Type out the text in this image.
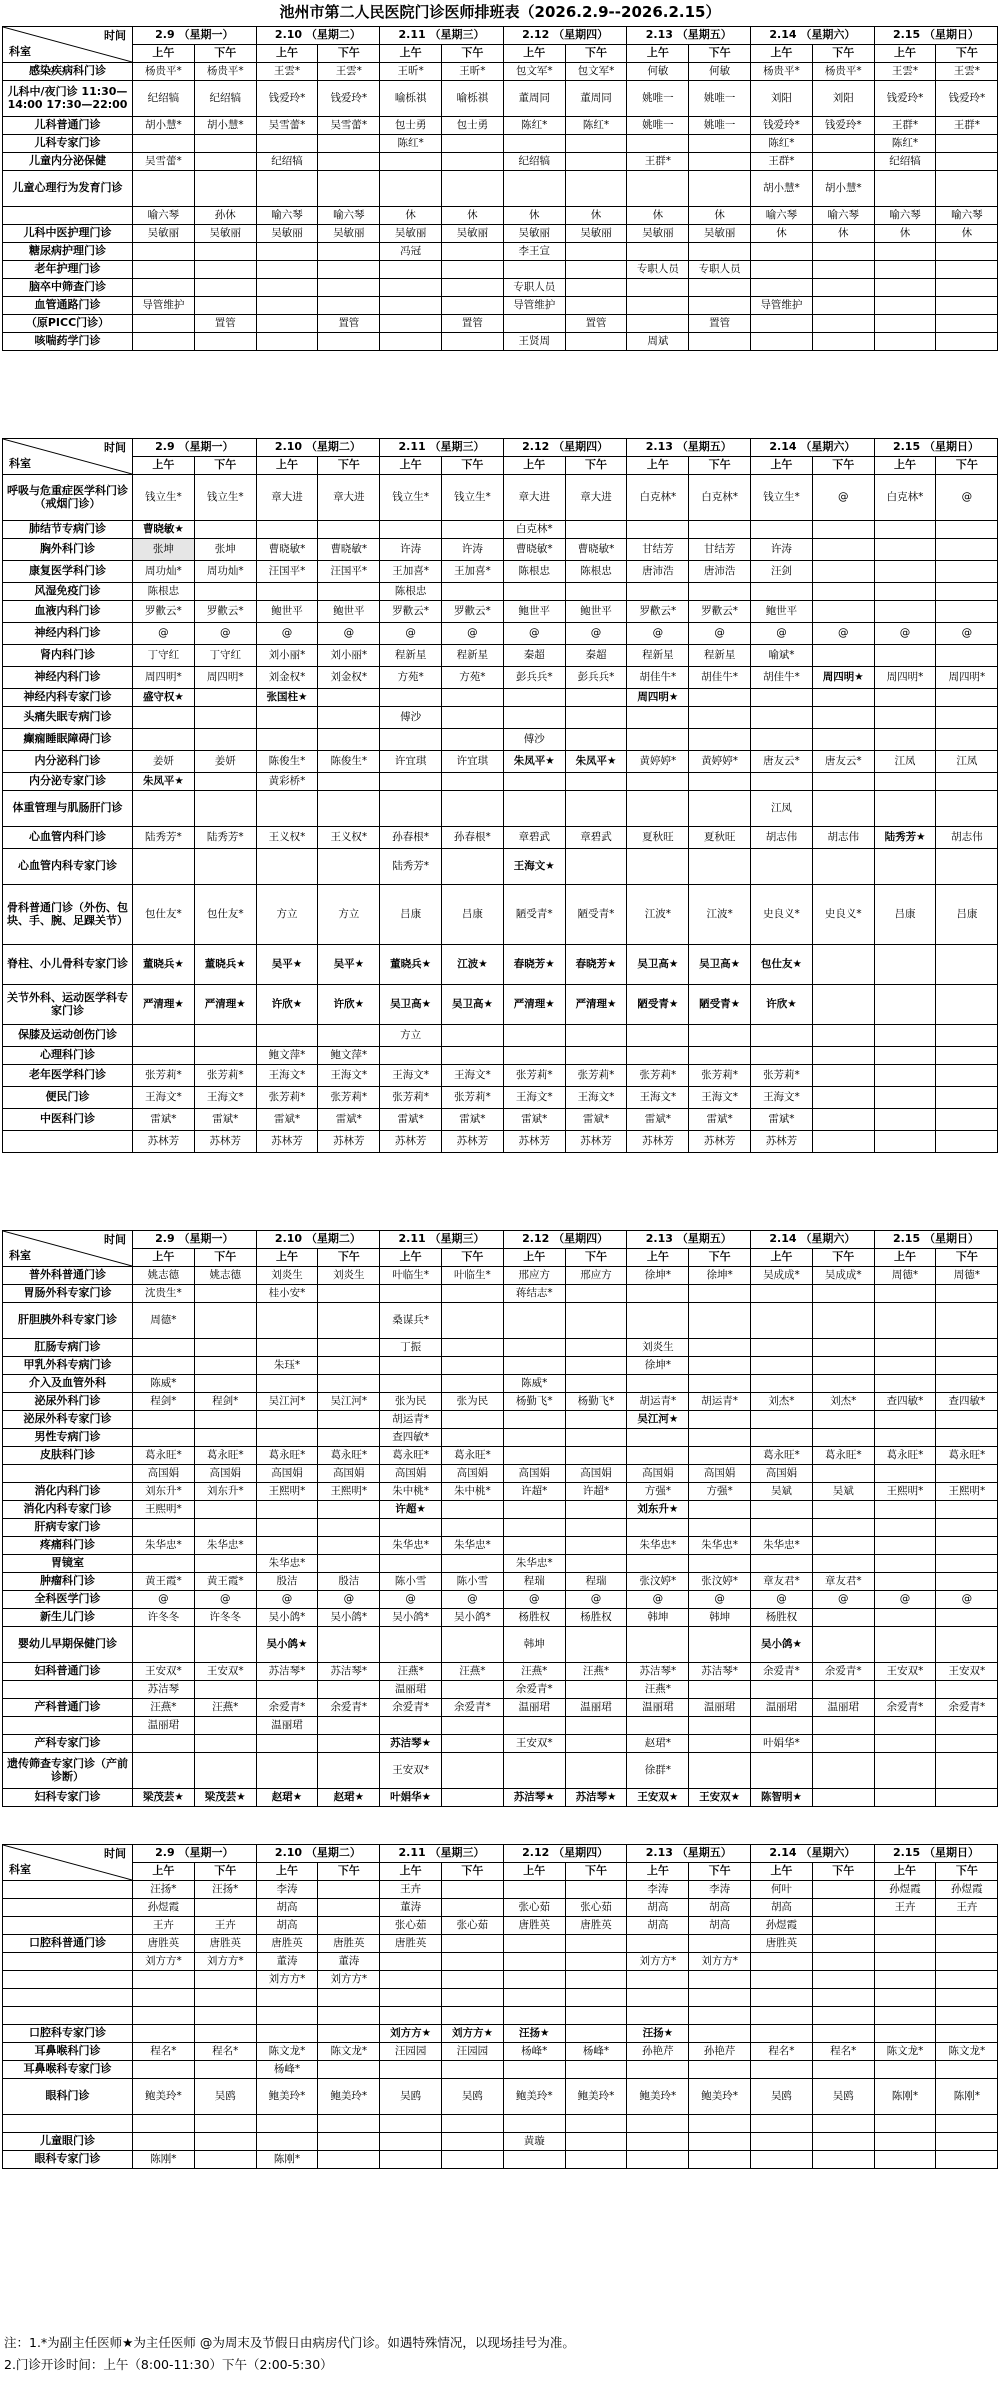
池州市第二人民医院门诊医师排班表（2026.2.9--2026.2.15）
科室
时间	2.9 （星期一）		2.10 （星期二）		2.11 （星期三）		2.12 （星期四）		2.13 （星期五）		2.14 （星期六）		2.15 （星期日）	
	上午	下午	上午	下午	上午	下午	上午	下午	上午	下午	上午	下午	上午	下午
感染疾病科门诊	杨贵平*	杨贵平*	王雲*	王雲*	王昕*	王昕*	包文军*	包文军*	何敏	何敏	杨贵平*	杨贵平*	王雲*	王雲*
儿科中/夜门诊 11:30—14:00 17:30—22:00	纪绍犒	纪绍犒	钱爱玲*	钱爱玲*	喻栎祺	喻栎祺	董周同	董周同	姚唯一	姚唯一	刘阳	刘阳	钱爱玲*	钱爱玲*
儿科普通门诊	胡小慧*	胡小慧*	吴雪蕾*	吴雪蕾*	包士勇	包士勇	陈红*	陈红*	姚唯一	姚唯一	钱爱玲*	钱爱玲*	王群*	王群*
儿科专家门诊					陈红*						陈红*		陈红*	
儿童内分泌保健	吴雪蕾*		纪绍犒				纪绍犒		王群*		王群*		纪绍犒	
儿童心理行为发育门诊											胡小慧*	胡小慧*		
	喻六琴	孙休	喻六琴	喻六琴	休	休	休	休	休	休	喻六琴	喻六琴	喻六琴	喻六琴
儿科中医护理门诊	吴敏丽	吴敏丽	吴敏丽	吴敏丽	吴敏丽	吴敏丽	吴敏丽	吴敏丽	吴敏丽	吴敏丽	休	休	休	休
糖尿病护理门诊					冯冠		李王宣							
老年护理门诊									专职人员	专职人员				
脑卒中筛查门诊							专职人员							
血管通路门诊	导管维护						导管维护				导管维护			
（原PICC门诊）		置管		置管		置管		置管		置管				
咳喘药学门诊							王贤周		周斌					
科室
时间	2.9 （星期一）		2.10 （星期二）		2.11 （星期三）		2.12 （星期四）		2.13 （星期五）		2.14 （星期六）		2.15 （星期日）	
	上午	下午	上午	下午	上午	下午	上午	下午	上午	下午	上午	下午	上午	下午
呼吸与危重症医学科门诊（戒烟门诊）	钱立生*	钱立生*	章大进	章大进	钱立生*	钱立生*	章大进	章大进	白克林*	白克林*	钱立生*	@	白克林*	@
肺结节专病门诊	曹晓敏★						白克林*							
胸外科门诊	张坤	张坤	曹晓敏*	曹晓敏*	许涛	许涛	曹晓敏*	曹晓敏*	甘结芳	甘结芳	许涛			
康复医学科门诊	周功灿*	周功灿*	汪国平*	汪国平*	王加喜*	王加喜*	陈根忠	陈根忠	唐沛浩	唐沛浩	汪剑			
风湿免疫门诊	陈根忠				陈根忠									
血液内科门诊	罗歡云*	罗歡云*	鲍世平	鲍世平	罗歡云*	罗歡云*	鲍世平	鲍世平	罗歡云*	罗歡云*	鲍世平			
神经内科门诊	@	@	@	@	@	@	@	@	@	@	@	@	@	@
肾内科门诊	丁守红	丁守红	刘小丽*	刘小丽*	程新星	程新星	秦超	秦超	程新星	程新星	喻斌*			
神经内科门诊	周四明*	周四明*	刘金权*	刘金权*	方苑*	方苑*	彭兵兵*	彭兵兵*	胡佳牛*	胡佳牛*	胡佳牛*	周四明★	周四明*	周四明*
神经内科专家门诊	盛守权★		张国柱★						周四明★					
头痛失眠专病门诊					傅沙									
癫痫睡眠障碍门诊							傅沙							
内分泌科门诊	姜妍	姜妍	陈俊生*	陈俊生*	许宜琪	许宜琪	朱凤平★	朱凤平★	黄婷婷*	黄婷婷*	唐友云*	唐友云*	江凤	江凤
内分泌专家门诊	朱凤平★		黄彩桥*											
体重管理与肌肠肝门诊											江凤			
心血管内科门诊	陆秀芳*	陆秀芳*	王义权*	王义权*	孙春根*	孙春根*	章碧武	章碧武	夏秋旺	夏秋旺	胡志伟	胡志伟	陆秀芳★	胡志伟
心血管内科专家门诊					陆秀芳*		王海文★							
骨科普通门诊（外伤、包块、手、腕、足踝关节）	包仕友*	包仕友*	方立	方立	吕康	吕康	陋受青*	陋受青*	江波*	江波*	史良义*	史良义*	吕康	吕康
脊柱、小儿骨科专家门诊	董晓兵★	董晓兵★	吴平★	吴平★	董晓兵★	江波★	春晓芳★	春晓芳★	吴卫高★	吴卫高★	包仕友★			
关节外科、运动医学科专家门诊	严清理★	严清理★	许欣★	许欣★	吴卫高★	吴卫高★	严清理★	严清理★	陋受青★	陋受青★	许欣★			
保膝及运动创伤门诊					方立									
心理科门诊			鲍文萍*	鲍文萍*										
老年医学科门诊	张芳莉*	张芳莉*	王海文*	王海文*	王海文*	王海文*	张芳莉*	张芳莉*	张芳莉*	张芳莉*	张芳莉*			
便民门诊	王海文*	王海文*	张芳莉*	张芳莉*	张芳莉*	张芳莉*	王海文*	王海文*	王海文*	王海文*	王海文*			
中医科门诊	雷斌*	雷斌*	雷斌*	雷斌*	雷斌*	雷斌*	雷斌*	雷斌*	雷斌*	雷斌*	雷斌*			
	苏林芳	苏林芳	苏林芳	苏林芳	苏林芳	苏林芳	苏林芳	苏林芳	苏林芳	苏林芳	苏林芳			
科室
时间	2.9 （星期一）		2.10 （星期二）		2.11 （星期三）		2.12 （星期四）		2.13 （星期五）		2.14 （星期六）		2.15 （星期日）	
	上午	下午	上午	下午	上午	下午	上午	下午	上午	下午	上午	下午	上午	下午
普外科普通门诊	姚志德	姚志德	刘炎生	刘炎生	叶临生*	叶临生*	邢应方	邢应方	徐坤*	徐坤*	吴成成*	吴成成*	周德*	周德*
胃肠外科专家门诊	沈贵生*		桂小安*				蒋结志*							
肝胆胰外科专家门诊	周德*				桑谋兵*									
肛肠专病门诊					丁振				刘炎生					
甲乳外科专病门诊			朱珏*						徐坤*					
介入及血管外科	陈威*						陈威*							
泌尿外科门诊	程剑*	程剑*	吴江河*	吴江河*	张为民	张为民	杨勤飞*	杨勤飞*	胡运青*	胡运青*	刘杰*	刘杰*	查四敏*	查四敏*
泌尿外科专家门诊					胡运青*				吴江河★					
男性专病门诊					查四敏*									
皮肤科门诊	葛永旺*	葛永旺*	葛永旺*	葛永旺*	葛永旺*	葛永旺*					葛永旺*	葛永旺*	葛永旺*	葛永旺*
	高国娟	高国娟	高国娟	高国娟	高国娟	高国娟	高国娟	高国娟	高国娟	高国娟	高国娟			
消化内科门诊	刘东升*	刘东升*	王熙明*	王熙明*	朱中桃*	朱中桃*	许超*	许超*	方强*	方强*	吴斌	吴斌	王熙明*	王熙明*
消化内科专家门诊	王熙明*				许超★				刘东升★					
肝病专家门诊														
疼痛科门诊	朱华忠*	朱华忠*			朱华忠*	朱华忠*			朱华忠*	朱华忠*	朱华忠*			
胃镜室			朱华忠*				朱华忠*							
肿瘤科门诊	黄王霞*	黄王霞*	殷洁	殷洁	陈小雪	陈小雪	程瑞	程瑞	张汶婷*	张汶婷*	章友君*	章友君*		
全科医学门诊	@	@	@	@	@	@	@	@	@	@	@	@	@	@
新生儿门诊	许冬冬	许冬冬	吴小鸽*	吴小鸽*	吴小鸽*	吴小鸽*	杨胜权	杨胜权	韩坤	韩坤	杨胜权			
婴幼儿早期保健门诊			吴小鸽★				韩坤				吴小鸽★			
妇科普通门诊	王安双*	王安双*	苏洁琴*	苏洁琴*	汪燕*	汪燕*	汪燕*	汪燕*	苏洁琴*	苏洁琴*	余爱青*	余爱青*	王安双*	王安双*
	苏洁琴				温丽珺		余爱青*		汪燕*					
产科普通门诊	汪燕*	汪燕*	余爱青*	余爱青*	余爱青*	余爱青*	温丽珺	温丽珺	温丽珺	温丽珺	温丽珺	温丽珺	余爱青*	余爱青*
	温丽珺		温丽珺											
产科专家门诊					苏洁琴★		王安双*		赵珺*		叶娟华*			
遗传筛查专家门诊（产前诊断）					王安双*				徐群*					
妇科专家门诊	梁茂芸★	梁茂芸★	赵珺★	赵珺★	叶娟华★		苏洁琴★	苏洁琴★	王安双★	王安双★	陈智明★			
科室
时间	2.9 （星期一）		2.10 （星期二）		2.11 （星期三）		2.12 （星期四）		2.13 （星期五）		2.14 （星期六）		2.15 （星期日）	
	上午	下午	上午	下午	上午	下午	上午	下午	上午	下午	上午	下午	上午	下午
	汪扬*	汪扬*	李涛		王卉				李涛	李涛	何叶		孙煜霞	孙煜霞
	孙煜霞		胡高		董涛		张心茹	张心茹	胡高	胡高	胡高		王卉	王卉
	王卉	王卉	胡高		张心茹	张心茹	唐胜英	唐胜英	胡高	胡高	孙煜霞			
口腔科普通门诊	唐胜英	唐胜英	唐胜英	唐胜英	唐胜英						唐胜英			
	刘方方*	刘方方*	董涛	董涛					刘方方*	刘方方*				
			刘方方*	刘方方*										

口腔科专家门诊					刘方方★	刘方方★	汪扬★		汪扬★					
耳鼻喉科门诊	程名*	程名*	陈文龙*	陈文龙*	汪园园	汪园园	杨峰*	杨峰*	孙艳芹	孙艳芹	程名*	程名*	陈文龙*	陈文龙*
耳鼻喉科专家门诊			杨峰*											
眼科门诊	鲍美玲*	吴鸥	鲍美玲*	鲍美玲*	吴鸥	吴鸥	鲍美玲*	鲍美玲*	鲍美玲*	鲍美玲*	吴鸥	吴鸥	陈刚*	陈刚*

儿童眼门诊							黄璇							
眼科专家门诊	陈刚*		陈刚*											
注：1.*为副主任医师★为主任医师 @为周末及节假日由病房代门诊。如遇特殊情况，以现场挂号为准。
2.门诊开诊时间：上午（8:00-11:30）下午（2:00-5:30）
